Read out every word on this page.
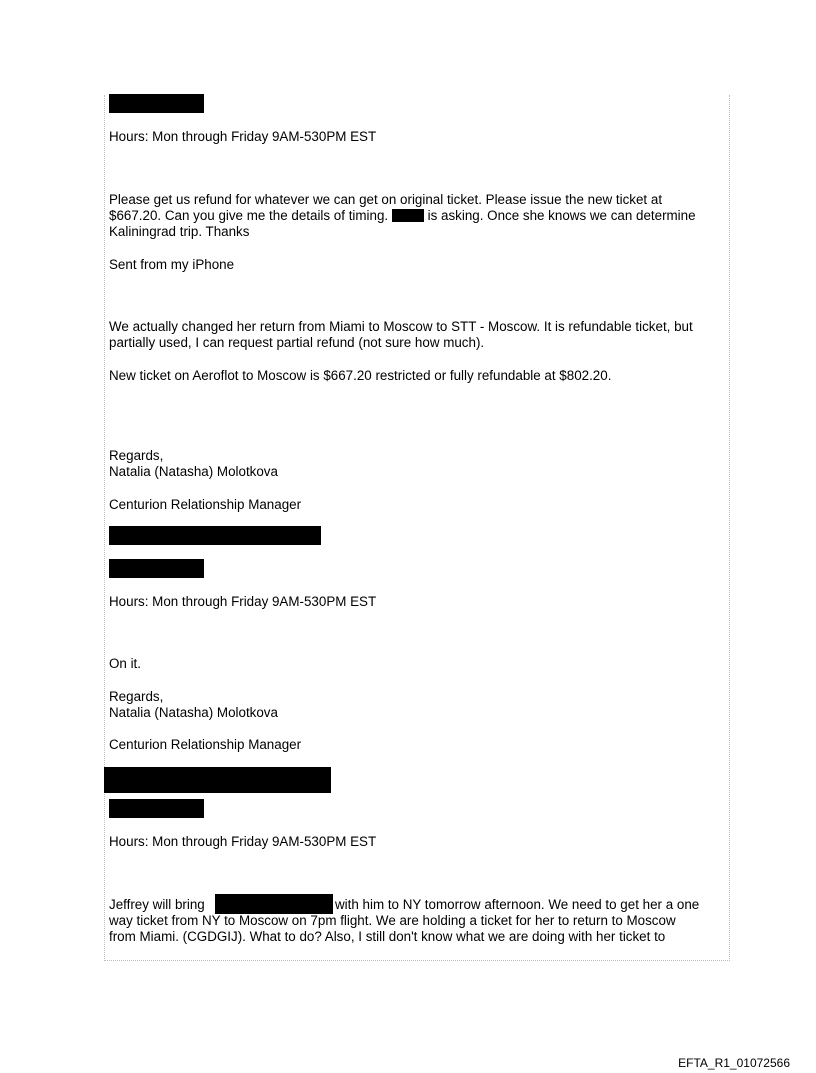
Hours: Mon through Friday 9AM-530PM EST

Please get us refund for whatever we can get on original ticket. Please issue the new ticket at

$667.20. Can you give me the details of timing.	is asking. Once she knows we can determine

Kaliningrad trip. Thanks

Sent from my iPhone

We actually changed her return from Miami to Moscow to STT - Moscow. It is refundable ticket, but

partially used, I can request partial refund (not sure how much).

New ticket on Aeroflot to Moscow is $667.20 restricted or fully refundable at $802.20.

Regards,

Natalia (Natasha) Molotkova

Centurion Relationship Manager

Hours: Mon through Friday 9AM-530PM EST

On it.

Regards,

Natalia (Natasha) Molotkova

Centurion Relationship Manager

Hours: Mon through Friday 9AM-530PM EST

Jeffrey will bring	with him to NY tomorrow afternoon. We need to get her a one

way ticket from NY to Moscow on 7pm flight. We are holding a ticket for her to return to Moscow

from Miami. (CGDGIJ). What to do? Also, I still don't know what we are doing with her ticket to

EFTA_R1_01072566
